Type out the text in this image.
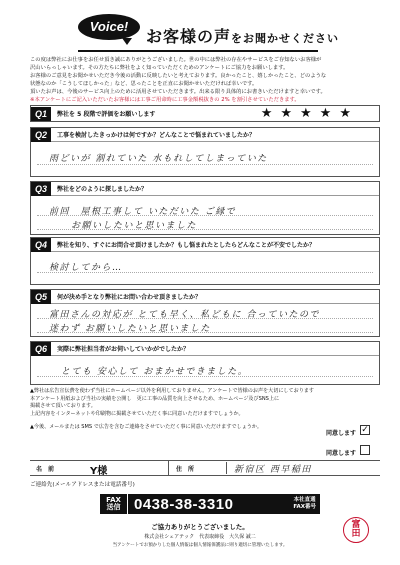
Voice!
お客様の声をお聞かせください
この度は弊社にお仕事をお任せ頂き誠にありがとうございました。世の中には弊社の存在やサービスをご存知ないお客様が
沢山いらっしゃいます。その方たちに弊社をよく知っていただくためのアンケートにご協力をお願いします。
お客様のご意見をお聞かせいただき今後の活動に反映したいと考えております。良かったこと、嬉しかったこと、どのような
状態なのか「こうしてほしかった」など、思ったことを正直にお聞かせいただければ幸いです。
頂いたお声は、今後のサービス向上のために活用させていただきます。出来る限り具体的にお書きいただけますと幸いです。
※本アンケートにご記入いただいたお客様には工事ご用命時に工事金額税抜きの 2% を割引させていただきます。
Q1	弊社を 5 段階で評価をお願いします	★★★★★
Q2	工事を検討したきっかけは何ですか？どんなことで悩まれていましたか？
雨どいが 割れていた 水もれしてしまっていた
Q3	弊社をどのように探しましたか？
前回　屋根工事して いただいた ご縁で
お願いしたいと思いました
Q4	弊社を知り、すぐにお問合せ頂けましたか？もし悩まれたとしたらどんなことが不安でしたか？
検討してから…
Q5	何が決め手となり弊社にお問い合わせ頂きましたか？
富田さんの対応が とても早く、私どもに 合っていたので
迷わず お願いしたいと思いました
Q6	実際に弊社担当者がお伺いしていかがでしたか？
とても 安心して おまかせできました。
▲弊社は広告宣伝費を使わず当社にホームページ以外を利用しておりません。アンケートで皆様のお声を大切にしております
本アンケート用紙および当社の実績を公開し　更に工事の品質を向上させるため、ホームページ及びSNS上に
掲載させて頂いております。
上記内容をインターネットや印刷物に掲載させていただく事に同意いただけますでしょうか。
▲今後、メールまたは SMS で広告を含むご連絡をさせていただく事に同意いただけますでしょうか。
同意します ✓
同意します
名　前	Y様	住　所	新宿区 西早稲田
ご連絡先(メールアドレスまたは電話番号)
FAX
送信 0438-38-3310	本社直通
FAX番号
ご協力ありがとうございました。
株式会社シェアテック　代表取締役　大久保 誠二
当アンケートでお預かりした個人情報は個人情報保護法に則り適切に管理いたします。
富
田
